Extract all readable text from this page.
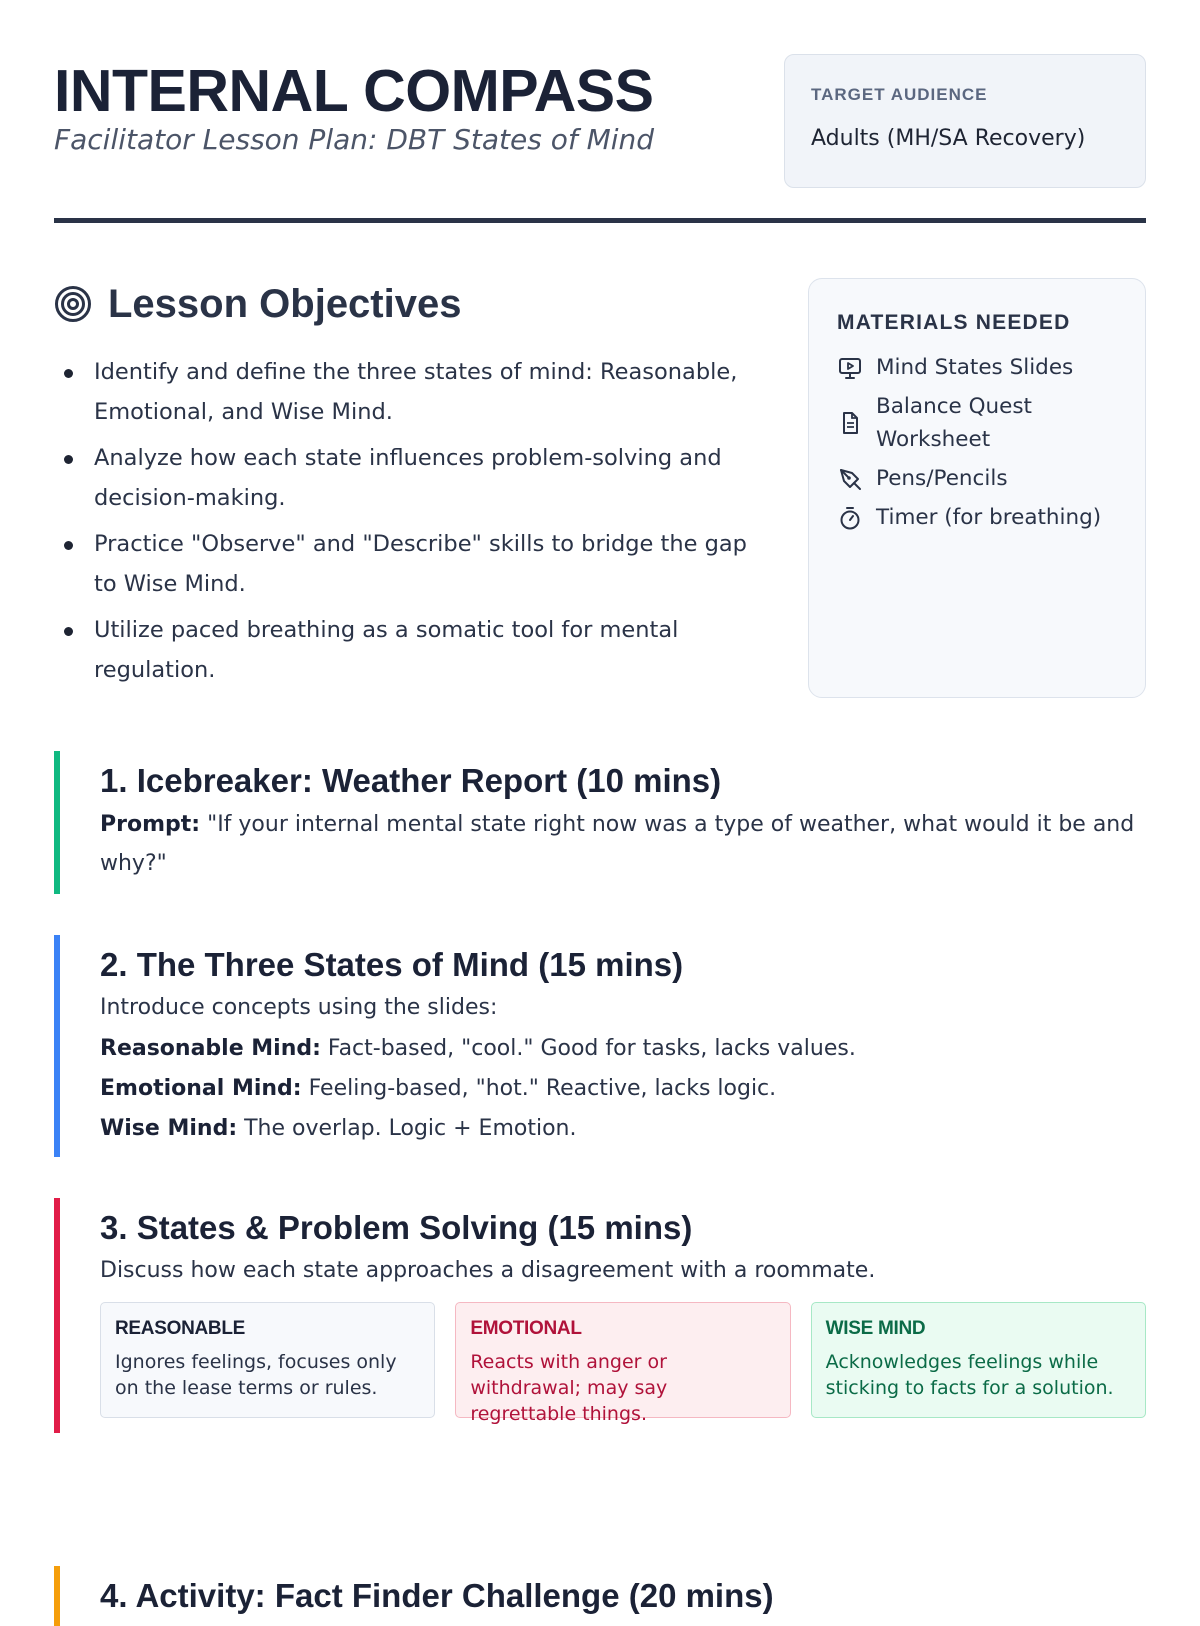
INTERNAL COMPASS
Facilitator Lesson Plan: DBT States of Mind
TARGET AUDIENCE
Adults (MH/SA Recovery)
Lesson Objectives
Identify and define the three states of mind: Reasonable, Emotional, and Wise Mind.
Analyze how each state influences problem-solving and decision-making.
Practice "Observe" and "Describe" skills to bridge the gap to Wise Mind.
Utilize paced breathing as a somatic tool for mental regulation.
MATERIALS NEEDED
Mind States Slides
Balance Quest Worksheet
Pens/Pencils
Timer (for breathing)
1. Icebreaker: Weather Report (10 mins)

Prompt: "If your internal mental state right now was a type of weather, what would it be and why?"

2. The Three States of Mind (15 mins)

Introduce concepts using the slides:

Reasonable Mind: Fact-based, "cool." Good for tasks, lacks values.

Emotional Mind: Feeling-based, "hot." Reactive, lacks logic.

Wise Mind: The overlap. Logic + Emotion.

3. States & Problem Solving (15 mins)

Discuss how each state approaches a disagreement with a roommate.

REASONABLE
Ignores feelings, focuses only on the lease terms or rules.
EMOTIONAL
Reacts with anger or withdrawal; may say regrettable things.
WISE MIND
Acknowledges feelings while sticking to facts for a solution.
4. Activity: Fact Finder Challenge (20 mins)
